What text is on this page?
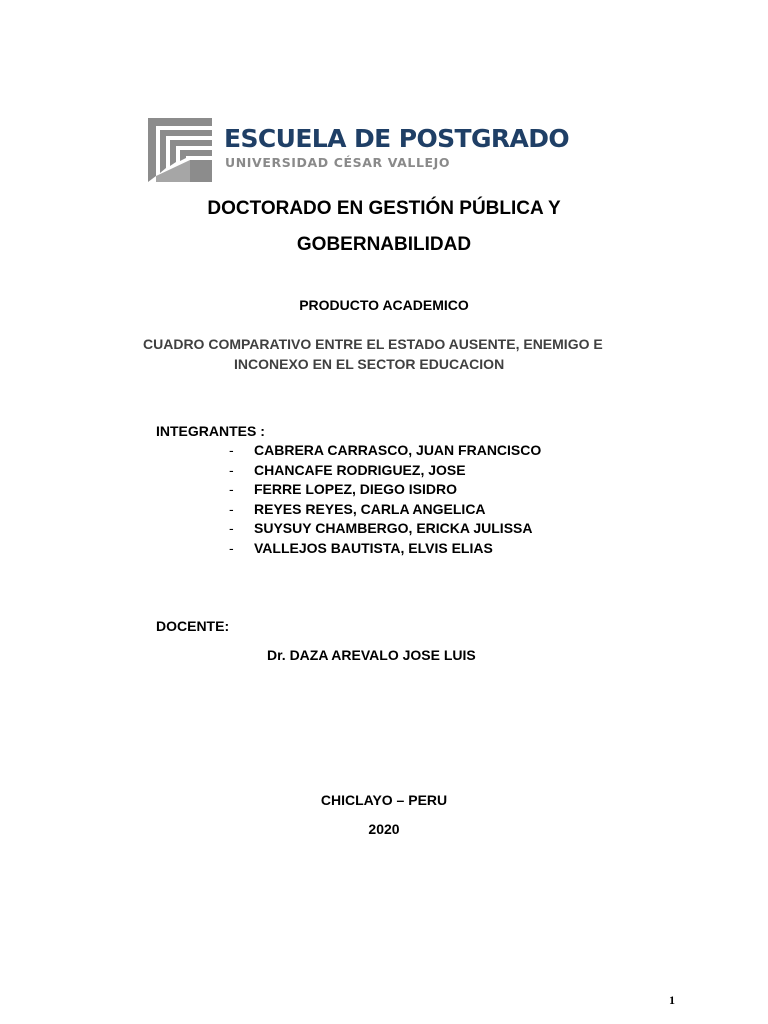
ESCUELA DE POSTGRADO
UNIVERSIDAD CÉSAR VALLEJO
DOCTORADO EN GESTIÓN PÚBLICA Y
GOBERNABILIDAD
PRODUCTO ACADEMICO
CUADRO COMPARATIVO ENTRE EL ESTADO AUSENTE, ENEMIGO E
INCONEXO EN EL SECTOR EDUCACION
INTEGRANTES :
- CABRERA CARRASCO, JUAN FRANCISCO
- CHANCAFE RODRIGUEZ, JOSE
- FERRE LOPEZ, DIEGO ISIDRO
- REYES REYES, CARLA ANGELICA
- SUYSUY CHAMBERGO, ERICKA JULISSA
- VALLEJOS BAUTISTA, ELVIS ELIAS
DOCENTE:
Dr. DAZA AREVALO JOSE LUIS
CHICLAYO – PERU
2020
1
